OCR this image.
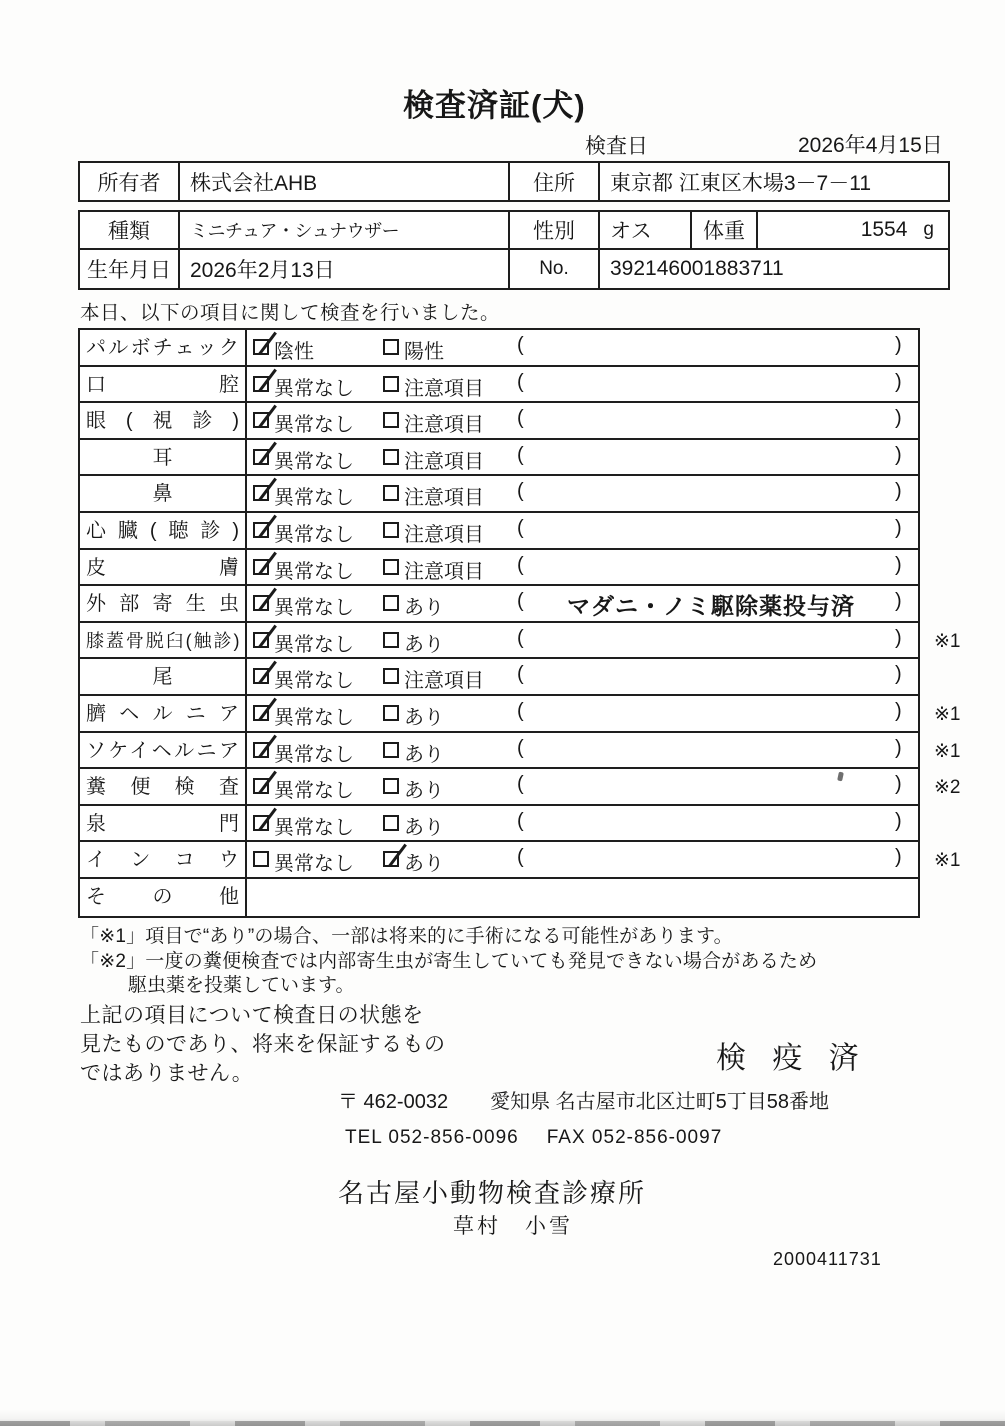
検査済証(犬)
検査日	2026年4月15日
所有者	株式会社AHB	住所	東京都 江東区木場3－7－11
種類	ミニチュア・シュナウザー	性別	オス	体重	1554 g
生年月日 2026年2月13日	No.	392146001883711
本日、以下の項目に関して検査を行いました。
パルボチェック	陰性	陽性	(	)
口腔	異常なし	注意項目 (	)
眼(視診)	異常なし	注意項目 (	)
耳	異常なし	注意項目 (	)
鼻	異常なし	注意項目 (	)
心臓(聴診)	異常なし	注意項目 (	)
皮膚	異常なし	注意項目 (	)
外部寄生虫	異常なし	あり	(	マダニ・ノミ駆除薬投与済	)
膝蓋骨脱臼(触診)	異常なし	あり	(	) ※1
尾	異常なし	注意項目 (	)
臍ヘルニア	異常なし	あり	(	) ※1
ソケイヘルニア	異常なし	あり	(	) ※1
糞便検査	異常なし	あり	(	) ※2
泉門	異常なし	あり	(	)
インコウ	異常なし	あり	(	) ※1
その他
「※1」項目で“あり”の場合、一部は将来的に手術になる可能性があります。
「※2」一度の糞便検査では内部寄生虫が寄生していても発見できない場合があるため
駆虫薬を投薬しています。
上記の項目について検査日の状態を
見たものであり、将来を保証するもの
ではありません。	検 疫 済
〒 462-0032 愛知県 名古屋市北区辻町5丁目58番地
TEL 052-856-0096 FAX 052-856-0097
名古屋小動物検査診療所
草村　小雪
2000411731
